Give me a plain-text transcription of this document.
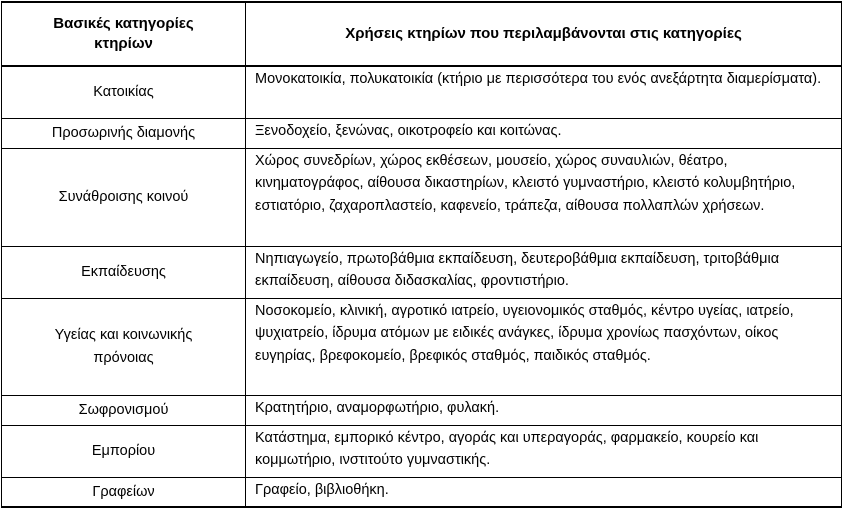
Βασικές κατηγορίες κτηρίων	Χρήσεις κτηρίων που περιλαμβάνονται στις κατηγορίες
Κατοικίας	Μονοκατοικία, πολυκατοικία (κτήριο με περισσότερα του ενός ανεξάρτητα διαμερίσματα).
Προσωρινής διαμονής	Ξενοδοχείο, ξενώνας, οικοτροφείο και κοιτώνας.
Συνάθροισης κοινού	Χώρος συνεδρίων, χώρος εκθέσεων, μουσείο, χώρος συναυλιών, θέατρο, κινηματογράφος, αίθουσα δικαστηρίων, κλειστό γυμναστήριο, κλειστό κολυμβητήριο, εστιατόριο, ζαχαροπλαστείο, καφενείο, τράπεζα, αίθουσα πολλαπλών χρήσεων.
Εκπαίδευσης	Νηπιαγωγείο, πρωτοβάθμια εκπαίδευση, δευτεροβάθμια εκπαίδευση, τριτοβάθμια εκπαίδευση, αίθουσα διδασκαλίας, φροντιστήριο.
Υγείας και κοινωνικής πρόνοιας	Νοσοκομείο, κλινική, αγροτικό ιατρείο, υγειονομικός σταθμός, κέντρο υγείας, ιατρείο, ψυχιατρείο, ίδρυμα ατόμων με ειδικές ανάγκες, ίδρυμα χρονίως πασχόντων, οίκος ευγηρίας, βρεφοκομείο, βρεφικός σταθμός, παιδικός σταθμός.
Σωφρονισμού	Κρατητήριο, αναμορφωτήριο, φυλακή.
Εμπορίου	Κατάστημα, εμπορικό κέντρο, αγοράς και υπεραγοράς, φαρμακείο, κουρείο και κομμωτήριο, ινστιτούτο γυμναστικής.
Γραφείων	Γραφείο, βιβλιοθήκη.
